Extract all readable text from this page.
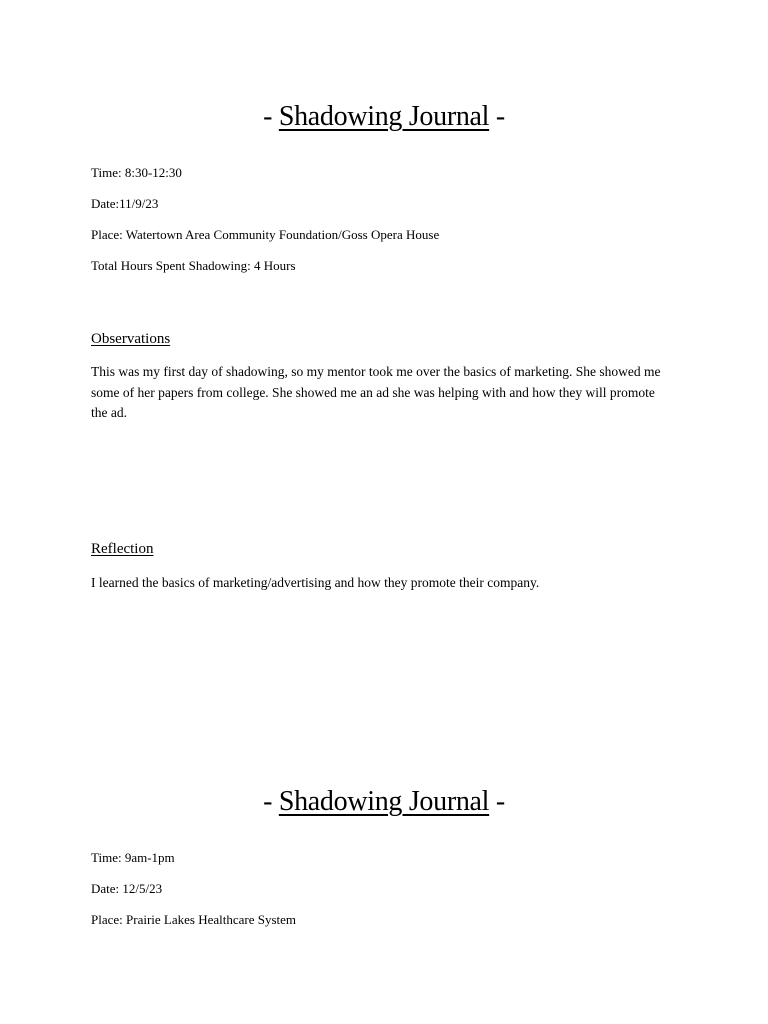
- Shadowing Journal -
Time: 8:30-12:30
Date:11/9/23
Place: Watertown Area Community Foundation/Goss Opera House
Total Hours Spent Shadowing: 4 Hours
Observations
This was my first day of shadowing, so my mentor took me over the basics of marketing. She showed me some of her papers from college. She showed me an ad she was helping with and how they will promote the ad.
Reflection
I learned the basics of marketing/advertising and how they promote their company.
- Shadowing Journal -
Time: 9am-1pm
Date: 12/5/23
Place: Prairie Lakes Healthcare System
